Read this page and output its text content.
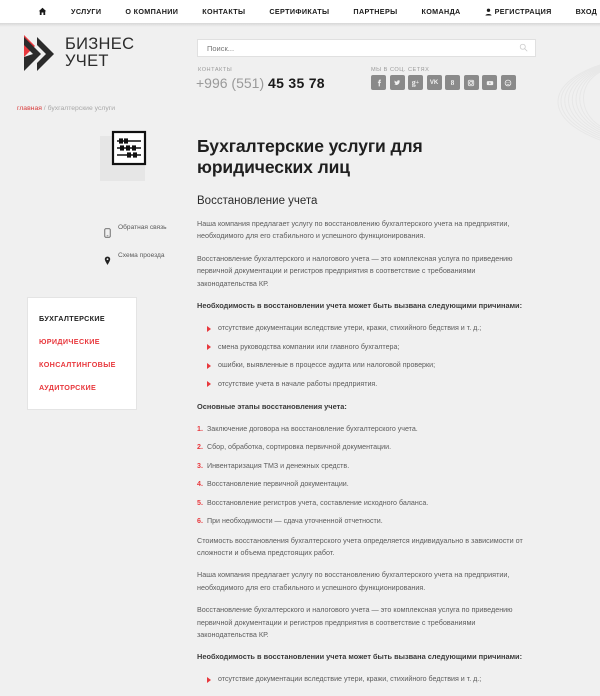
УСЛУГИ	О КОМПАНИИ	КОНТАКТЫ	СЕРТИФИКАТЫ	ПАРТНЕРЫ	КОМАНДА	РЕГИСТРАЦИЯ	ВХОД
БИЗНЕС
УЧЕТ
Поиск...	КОНТАКТЫ
+996 (551) 45 35 78
МЫ В СОЦ. СЕТЯХ
g +	VK	8
главная / бухгалтерские услуги
Обратная связь
Схема проезда
БУХГАЛТЕРСКИЕ
ЮРИДИЧЕСКИЕ
КОНСАЛТИНГОВЫЕ
АУДИТОРСКИЕ
Бухгалтерские услуги для юридических лиц
Восстановление учета

Наша компания предлагает услугу по восстановлению бухгалтерского учета на предприятии, необходимого для его стабильного и успешного функционирования.

Восстановление бухгалтерского и налогового учета — это комплексная услуга по приведению первичной документации и регистров предприятия в соответствие с требованиями законодательства КР.

Необходимость в восстановлении учета может быть вызвана следующими причинами:

отсутствие документации вследствие утери, кражи, стихийного бедствия и т. д.;
смена руководства компании или главного бухгалтера;
ошибки, выявленные в процессе аудита или налоговой проверки;
отсутствие учета в начале работы предприятия.

Основные этапы восстановления учета:

Заключение договора на восстановление бухгалтерского учета.
Сбор, обработка, сортировка первичной документации.
Инвентаризация ТМЗ и денежных средств.
Восстановление первичной документации.
Восстановление регистров учета, составление исходного баланса.
При необходимости — сдача уточненной отчетности.

Стоимость восстановления бухгалтерского учета определяется индивидуально в зависимости от сложности и объема предстоящих работ.

Наша компания предлагает услугу по восстановлению бухгалтерского учета на предприятии, необходимого для его стабильного и успешного функционирования.

Восстановление бухгалтерского и налогового учета — это комплексная услуга по приведению первичной документации и регистров предприятия в соответствие с требованиями законодательства КР.

Необходимость в восстановлении учета может быть вызвана следующими причинами:

отсутствие документации вследствие утери, кражи, стихийного бедствия и т. д.;
